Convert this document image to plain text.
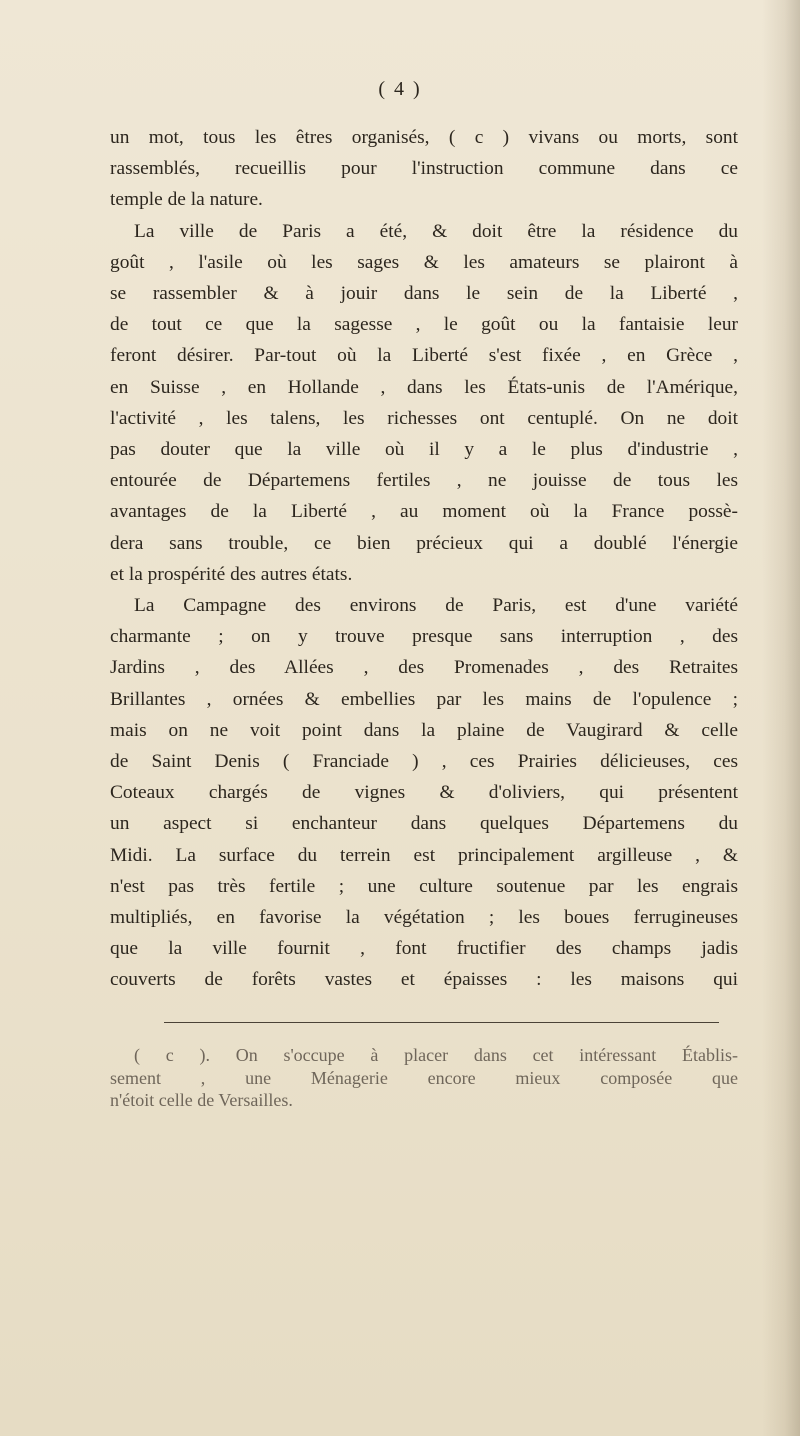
( 4 )
un mot, tous les êtres organisés, ( c ) vivans ou morts, sont
rassemblés, recueillis pour l'instruction commune dans ce
temple de la nature.
La ville de Paris a été, & doit être la résidence du
goût , l'asile où les sages & les amateurs se plairont à
se rassembler & à jouir dans le sein de la Liberté ,
de tout ce que la sagesse , le goût ou la fantaisie leur
feront désirer. Par-tout où la Liberté s'est fixée , en Grèce ,
en Suisse , en Hollande , dans les États-unis de l'Amérique,
l'activité , les talens, les richesses ont centuplé. On ne doit
pas douter que la ville où il y a le plus d'industrie ,
entourée de Départemens fertiles , ne jouisse de tous les
avantages de la Liberté , au moment où la France possè-
dera sans trouble, ce bien précieux qui a doublé l'énergie
et la prospérité des autres états.
La Campagne des environs de Paris, est d'une variété
charmante ; on y trouve presque sans interruption , des
Jardins , des Allées , des Promenades , des Retraites
Brillantes , ornées & embellies par les mains de l'opulence ;
mais on ne voit point dans la plaine de Vaugirard & celle
de Saint Denis ( Franciade ) , ces Prairies délicieuses, ces
Coteaux chargés de vignes & d'oliviers, qui présentent
un aspect si enchanteur dans quelques Départemens du
Midi. La surface du terrein est principalement argilleuse , &
n'est pas très fertile ; une culture soutenue par les engrais
multipliés, en favorise la végétation ; les boues ferrugineuses
que la ville fournit , font fructifier des champs jadis
couverts de forêts vastes et épaisses : les maisons qui
( c ). On s'occupe à placer dans cet intéressant Établis-
sement , une Ménagerie encore mieux composée que
n'étoit celle de Versailles.
